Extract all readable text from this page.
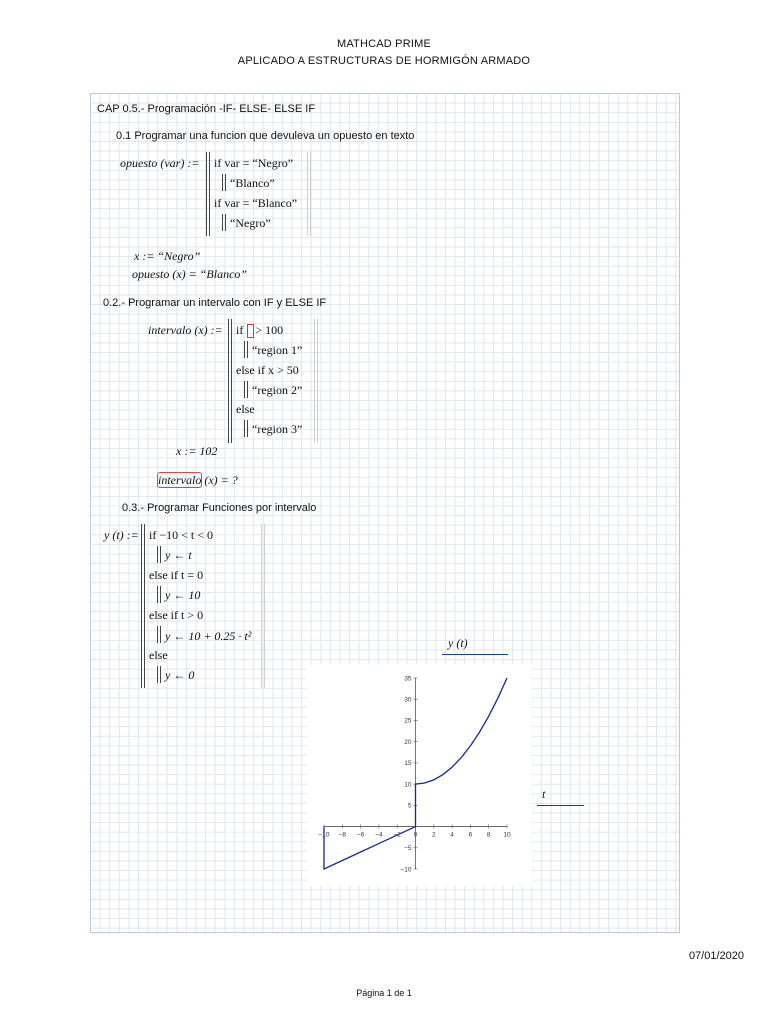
MATHCAD PRIME
APLICADO A ESTRUCTURAS DE HORMIGÓN ARMADO
CAP 0.5.- Programación -IF- ELSE- ELSE IF
0.1 Programar una funcion que devuleva un opuesto en texto
opuesto (var) := if var = “Negro”
“Blanco”
if var = “Blanco”
“Negro”
x := “Negro”
opuesto (x) = “Blanco”
0.2.- Programar un intervalo con IF y ELSE IF
intervalo (x) := if > 100
“region 1”
else if x > 50
“region 2”
else
“region 3”
x := 102
intervalo (x) = ?
0.3.- Programar Funciones por intervalo
y (t) := if −10 < t < 0
y ← t
else if t = 0
y ← 10
else if t > 0
y ← 10 + 0.25 · t²
else
y ← 0
y (t)
t
−10 −8 −6 −4 −2 0 2 4 6 8 10
−10
−5
5
10
15
20
25
30
35
07/01/2020
Página 1 de 1
